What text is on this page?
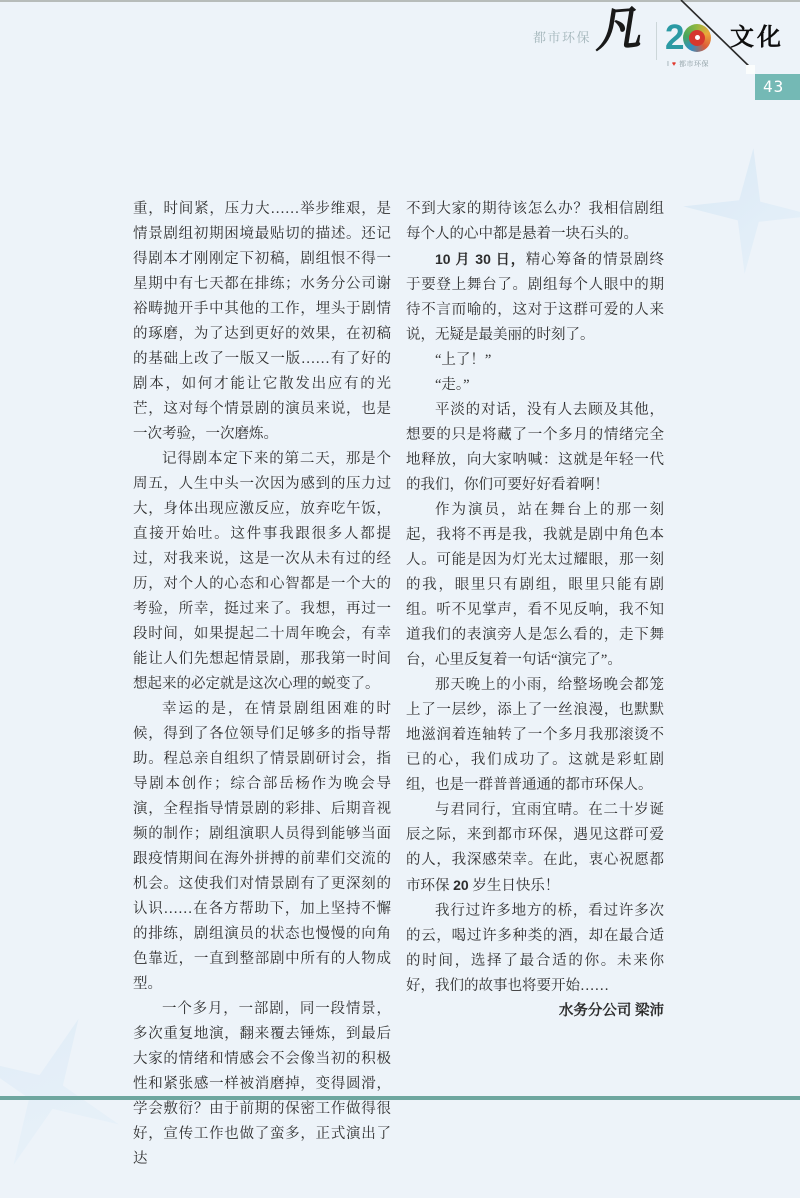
都市环保 凡 2
I ♥ 都市环保
文化
43

重，时间紧，压力大……举步维艰，是情景剧组初期困境最贴切的描述。还记得剧本才刚刚定下初稿，剧组恨不得一星期中有七天都在排练；水务分公司谢裕畴抛开手中其他的工作，埋头于剧情的琢磨，为了达到更好的效果，在初稿的基础上改了一版又一版……有了好的剧本，如何才能让它散发出应有的光芒，这对每个情景剧的演员来说，也是一次考验，一次磨炼。

记得剧本定下来的第二天，那是个周五，人生中头一次因为感到的压力过大，身体出现应激反应，放弃吃午饭，直接开始吐。这件事我跟很多人都提过，对我来说，这是一次从未有过的经历，对个人的心态和心智都是一个大的考验，所幸，挺过来了。我想，再过一段时间，如果提起二十周年晚会，有幸能让人们先想起情景剧，那我第一时间想起来的必定就是这次心理的蜕变了。

幸运的是，在情景剧组困难的时候，得到了各位领导们足够多的指导帮助。程总亲自组织了情景剧研讨会，指导剧本创作；综合部岳杨作为晚会导演，全程指导情景剧的彩排、后期音视频的制作；剧组演职人员得到能够当面跟疫情期间在海外拼搏的前辈们交流的机会。这使我们对情景剧有了更深刻的认识……在各方帮助下，加上坚持不懈的排练，剧组演员的状态也慢慢的向角色靠近，一直到整部剧中所有的人物成型。

一个多月，一部剧，同一段情景，多次重复地演，翻来覆去锤炼，到最后大家的情绪和情感会不会像当初的积极性和紧张感一样被消磨掉，变得圆滑，学会敷衍？由于前期的保密工作做得很好，宣传工作也做了蛮多，正式演出了达

不到大家的期待该怎么办？我相信剧组每个人的心中都是悬着一块石头的。

10 月 30 日，精心筹备的情景剧终于要登上舞台了。剧组每个人眼中的期待不言而喻的，这对于这群可爱的人来说，无疑是最美丽的时刻了。

“上了！”

“走。”

平淡的对话，没有人去顾及其他，想要的只是将藏了一个多月的情绪完全地释放，向大家呐喊：这就是年轻一代的我们，你们可要好好看着啊！

作为演员，站在舞台上的那一刻起，我将不再是我，我就是剧中角色本人。可能是因为灯光太过耀眼，那一刻的我，眼里只有剧组，眼里只能有剧组。听不见掌声，看不见反响，我不知道我们的表演旁人是怎么看的，走下舞台，心里反复着一句话“演完了”。

那天晚上的小雨，给整场晚会都笼上了一层纱，添上了一丝浪漫，也默默地滋润着连轴转了一个多月我那滚烫不已的心，我们成功了。这就是彩虹剧组，也是一群普普通通的都市环保人。

与君同行，宜雨宜晴。在二十岁诞辰之际，来到都市环保，遇见这群可爱的人，我深感荣幸。在此，衷心祝愿都市环保 20 岁生日快乐！

我行过许多地方的桥，看过许多次的云，喝过许多种类的酒，却在最合适的时间，选择了最合适的你。未来你好，我们的故事也将要开始……

水务分公司 梁沛
